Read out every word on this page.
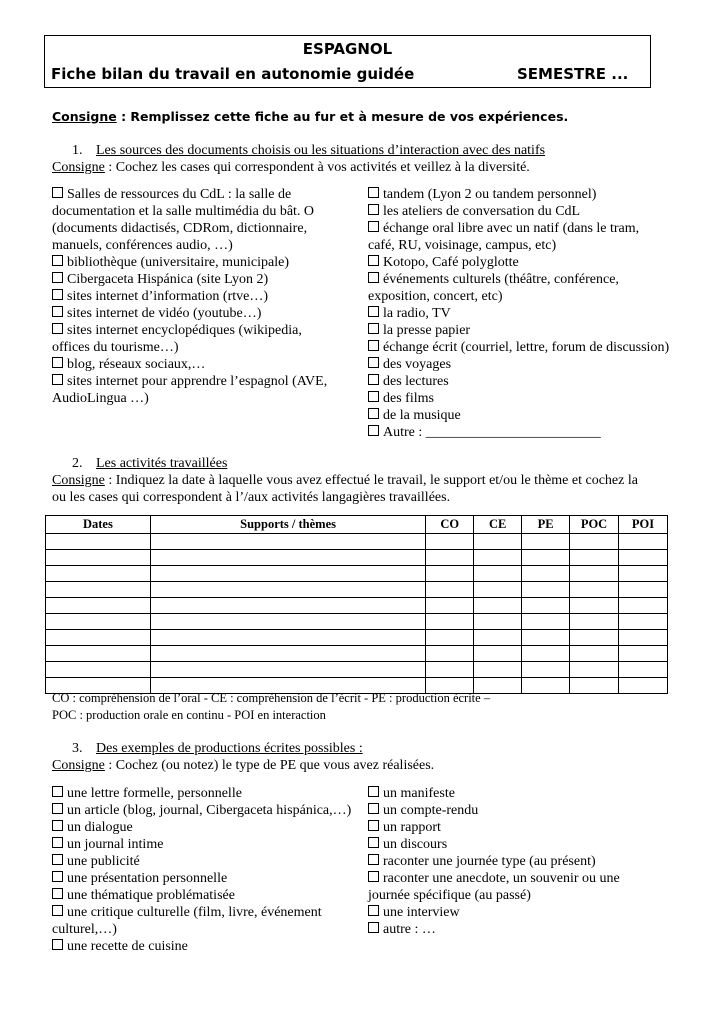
ESPAGNOL
Fiche bilan du travail en autonomie guidée	SEMESTRE ...
Consigne : Remplissez cette fiche au fur et à mesure de vos expériences.
1. Les sources des documents choisis ou les situations d’interaction avec des natifs
Consigne : Cochez les cases qui correspondent à vos activités et veillez à la diversité.
Salles de ressources du CdL : la salle de
documentation et la salle multimédia du bât. O
(documents didactisés, CDRom, dictionnaire,
manuels, conférences audio, …)
bibliothèque (universitaire, municipale)
Cibergaceta Hispánica (site Lyon 2)
sites internet d’information (rtve…)
sites internet de vidéo (youtube…)
sites internet encyclopédiques (wikipedia,
offices du tourisme…)
blog, réseaux sociaux,…
sites internet pour apprendre l’espagnol (AVE,
AudioLingua …)
tandem (Lyon 2 ou tandem personnel)
les ateliers de conversation du CdL
échange oral libre avec un natif (dans le tram,
café, RU, voisinage, campus, etc)
Kotopo, Café polyglotte
événements culturels (théâtre, conférence,
exposition, concert, etc)
la radio, TV
la presse papier
échange écrit (courriel, lettre, forum de discussion)
des voyages
des lectures
des films
de la musique
Autre : _________________________
2. Les activités travaillées
Consigne : Indiquez la date à laquelle vous avez effectué le travail, le support et/ou le thème et cochez la
ou les cases qui correspondent à l’/aux activités langagières travaillées.
Dates	Supports / thèmes	CO	CE	PE	POC	POI

CO : compréhension de l’oral - CE : compréhension de l’écrit - PE : production écrite –
POC : production orale en continu - POI en interaction
3. Des exemples de productions écrites possibles :
Consigne : Cochez (ou notez) le type de PE que vous avez réalisées.
une lettre formelle, personnelle
un article (blog, journal, Cibergaceta hispánica,…)
un dialogue
un journal intime
une publicité
une présentation personnelle
une thématique problématisée
une critique culturelle (film, livre, événement
culturel,…)
une recette de cuisine
un manifeste
un compte-rendu
un rapport
un discours
raconter une journée type (au présent)
raconter une anecdote, un souvenir ou une
journée spécifique (au passé)
une interview
autre : …
